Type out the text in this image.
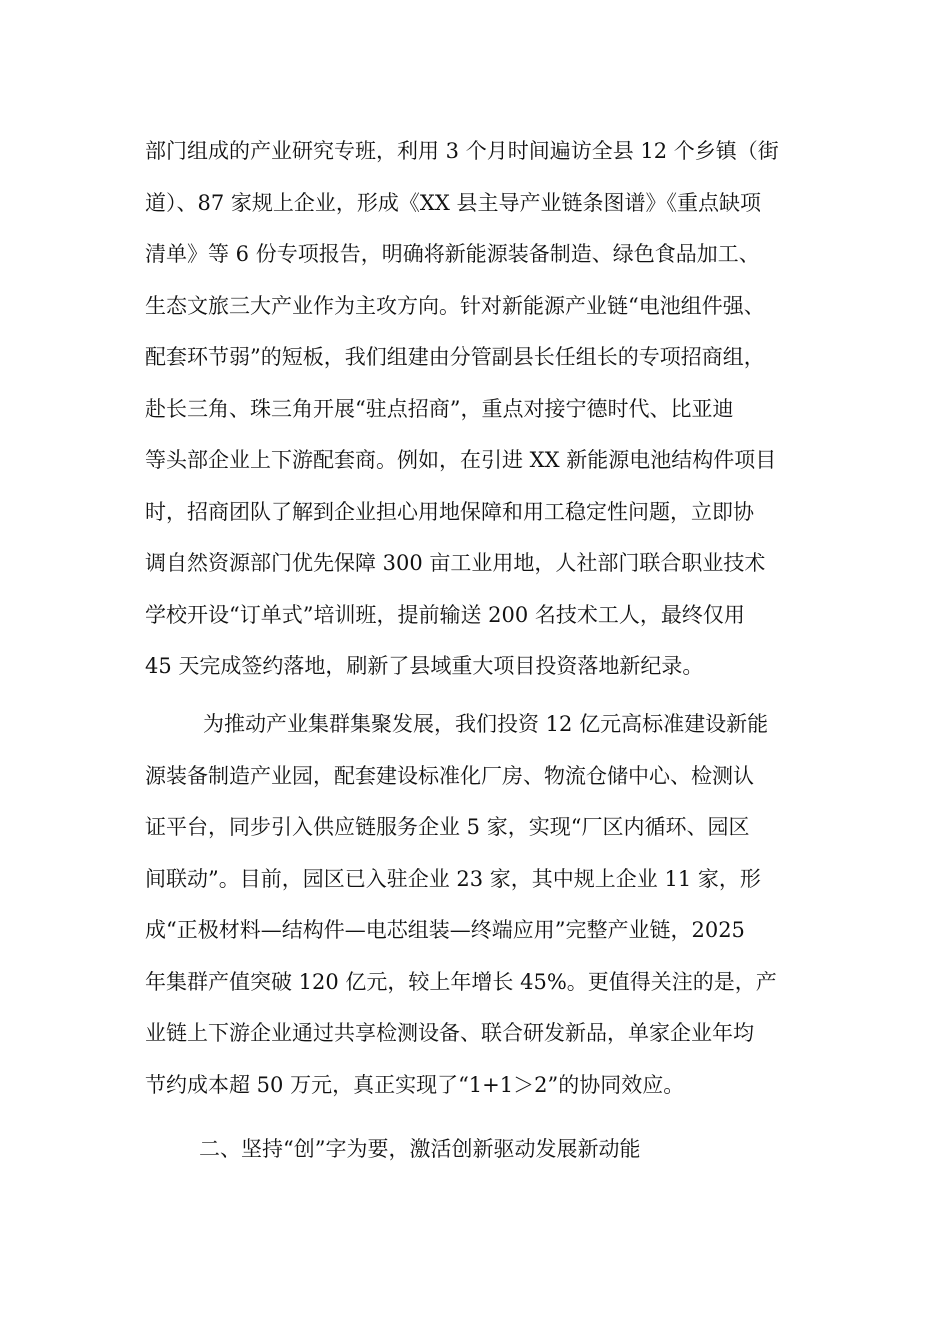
部门组成的产业研究专班，利用 3 个月时间遍访全县 12 个乡镇（街
道）、87 家规上企业，形成《XX 县主导产业链条图谱》《重点缺项
清单》等 6 份专项报告，明确将新能源装备制造、绿色食品加工、
生态文旅三大产业作为主攻方向。针对新能源产业链“电池组件强、
配套环节弱”的短板，我们组建由分管副县长任组长的专项招商组，
赴长三角、珠三角开展“驻点招商”，重点对接宁德时代、比亚迪
等头部企业上下游配套商。例如，在引进 XX 新能源电池结构件项目
时，招商团队了解到企业担心用地保障和用工稳定性问题，立即协
调自然资源部门优先保障 300 亩工业用地，人社部门联合职业技术
学校开设“订单式”培训班，提前输送 200 名技术工人，最终仅用
45 天完成签约落地，刷新了县域重大项目投资落地新纪录。
为推动产业集群集聚发展，我们投资 12 亿元高标准建设新能
源装备制造产业园，配套建设标准化厂房、物流仓储中心、检测认
证平台，同步引入供应链服务企业 5 家，实现“厂区内循环、园区
间联动”。目前，园区已入驻企业 23 家，其中规上企业 11 家，形
成“正极材料—结构件—电芯组装—终端应用”完整产业链，2025
年集群产值突破 120 亿元，较上年增长 45%。更值得关注的是，产
业链上下游企业通过共享检测设备、联合研发新品，单家企业年均
节约成本超 50 万元，真正实现了“1+1＞2”的协同效应。
二、坚持“创”字为要，激活创新驱动发展新动能
